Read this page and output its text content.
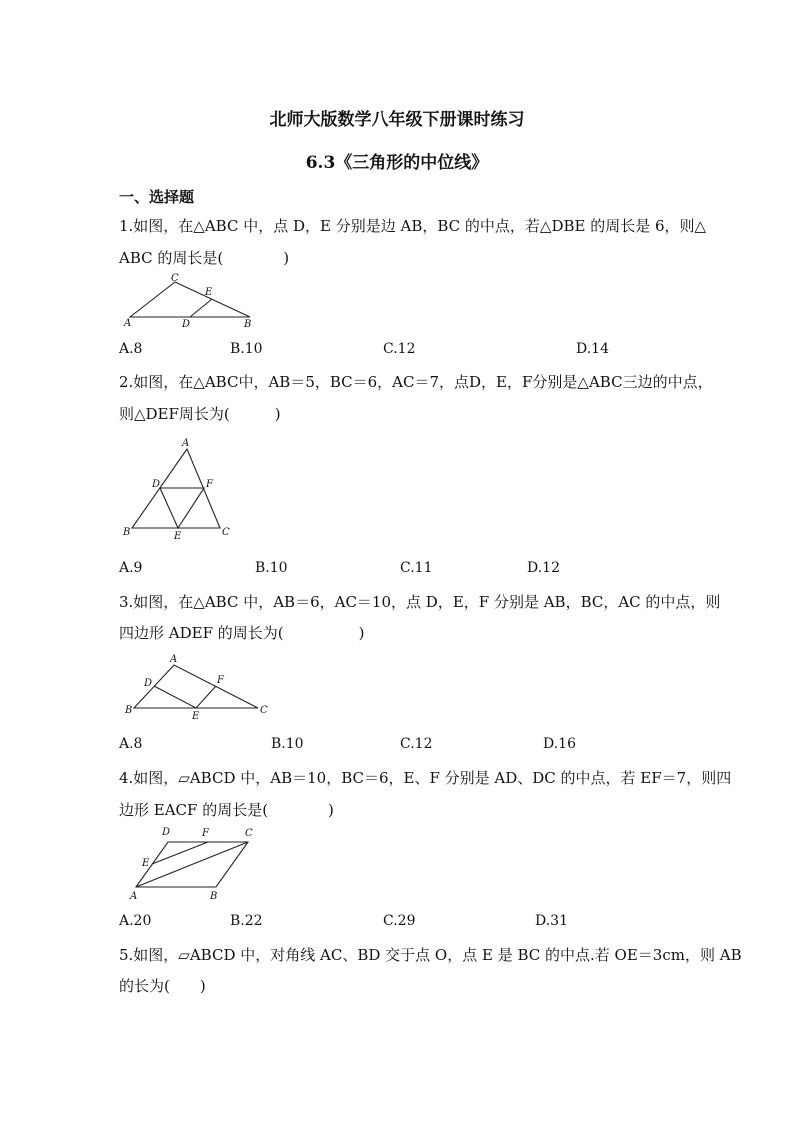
北师大版数学八年级下册课时练习
6.3《三角形的中位线》
一、选择题
1.如图，在△ABC 中，点 D，E 分别是边 AB，BC 的中点，若△DBE 的周长是 6，则△
ABC 的周长是(　　　　)
C
E
A	D	B
A.8	B.10	C.12	D.14
2.如图，在△ABC中，AB＝5，BC＝6，AC＝7，点D，E，F分别是△ABC三边的中点，
则△DEF周长为(　　　)
A
D	F
B	E	C
A.9	B.10	C.11	D.12
3.如图，在△ABC 中，AB＝6，AC＝10，点 D，E，F 分别是 AB，BC，AC 的中点，则
四边形 ADEF 的周长为(　　　　　)
A
D	F
B
E
C
A.8	B.10	C.12	D.16
4.如图，▱ABCD 中，AB＝10，BC＝6，E、F 分别是 AD、DC 的中点，若 EF＝7，则四
边形 EACF 的周长是(　　　　)
D	F	C
E
A	B
A.20	B.22	C.29	D.31
5.如图，▱ABCD 中，对角线 AC、BD 交于点 O，点 E 是 BC 的中点.若 OE＝3cm，则 AB
的长为(　　)
